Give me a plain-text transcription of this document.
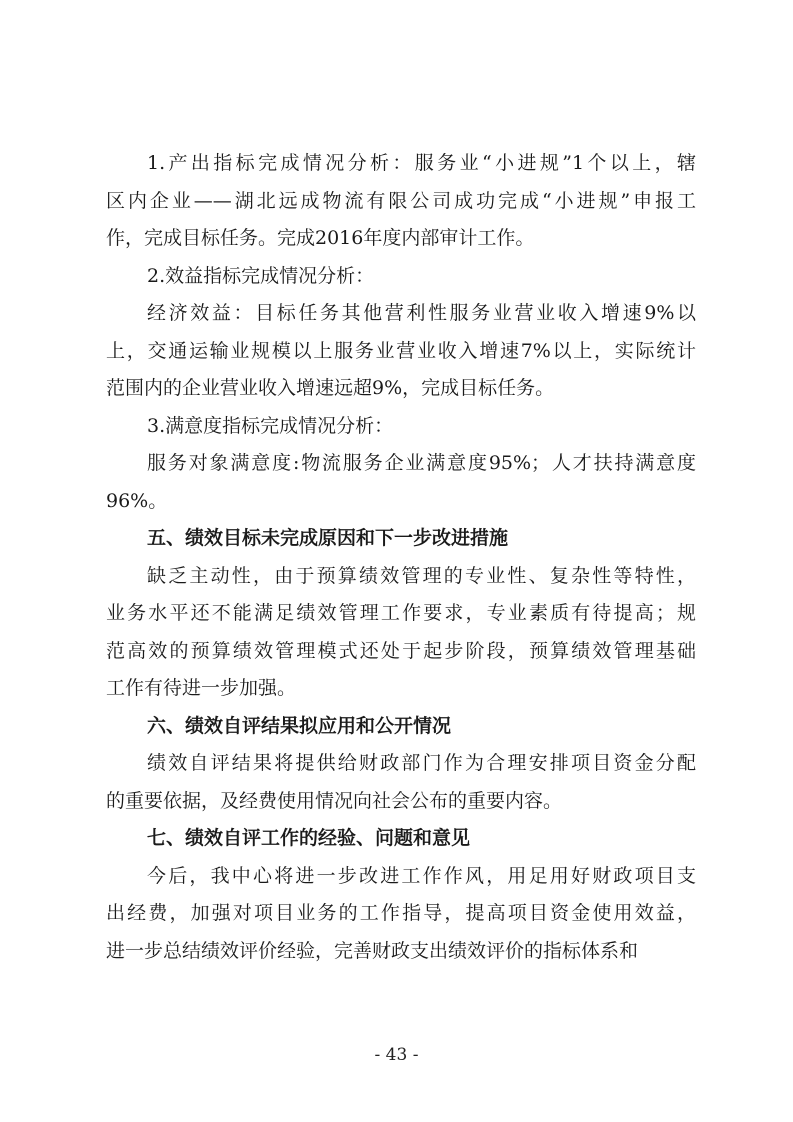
1.产出指标完成情况分析：服务业“小进规”1个以上，辖
区内企业——湖北远成物流有限公司成功完成“小进规”申报工
作，完成目标任务。完成2016年度内部审计工作。
2.效益指标完成情况分析：
经济效益：目标任务其他营利性服务业营业收入增速9%以
上，交通运输业规模以上服务业营业收入增速7%以上，实际统计
范围内的企业营业收入增速远超9%，完成目标任务。
3.满意度指标完成情况分析：
服务对象满意度:物流服务企业满意度95%；人才扶持满意度
96%。
五、绩效目标未完成原因和下一步改进措施
缺乏主动性，由于预算绩效管理的专业性、复杂性等特性，
业务水平还不能满足绩效管理工作要求，专业素质有待提高；规
范高效的预算绩效管理模式还处于起步阶段，预算绩效管理基础
工作有待进一步加强。
六、绩效自评结果拟应用和公开情况
绩效自评结果将提供给财政部门作为合理安排项目资金分配
的重要依据，及经费使用情况向社会公布的重要内容。
七、绩效自评工作的经验、问题和意见
今后，我中心将进一步改进工作作风，用足用好财政项目支
出经费，加强对项目业务的工作指导，提高项目资金使用效益，
进一步总结绩效评价经验，完善财政支出绩效评价的指标体系和
- 43 -
